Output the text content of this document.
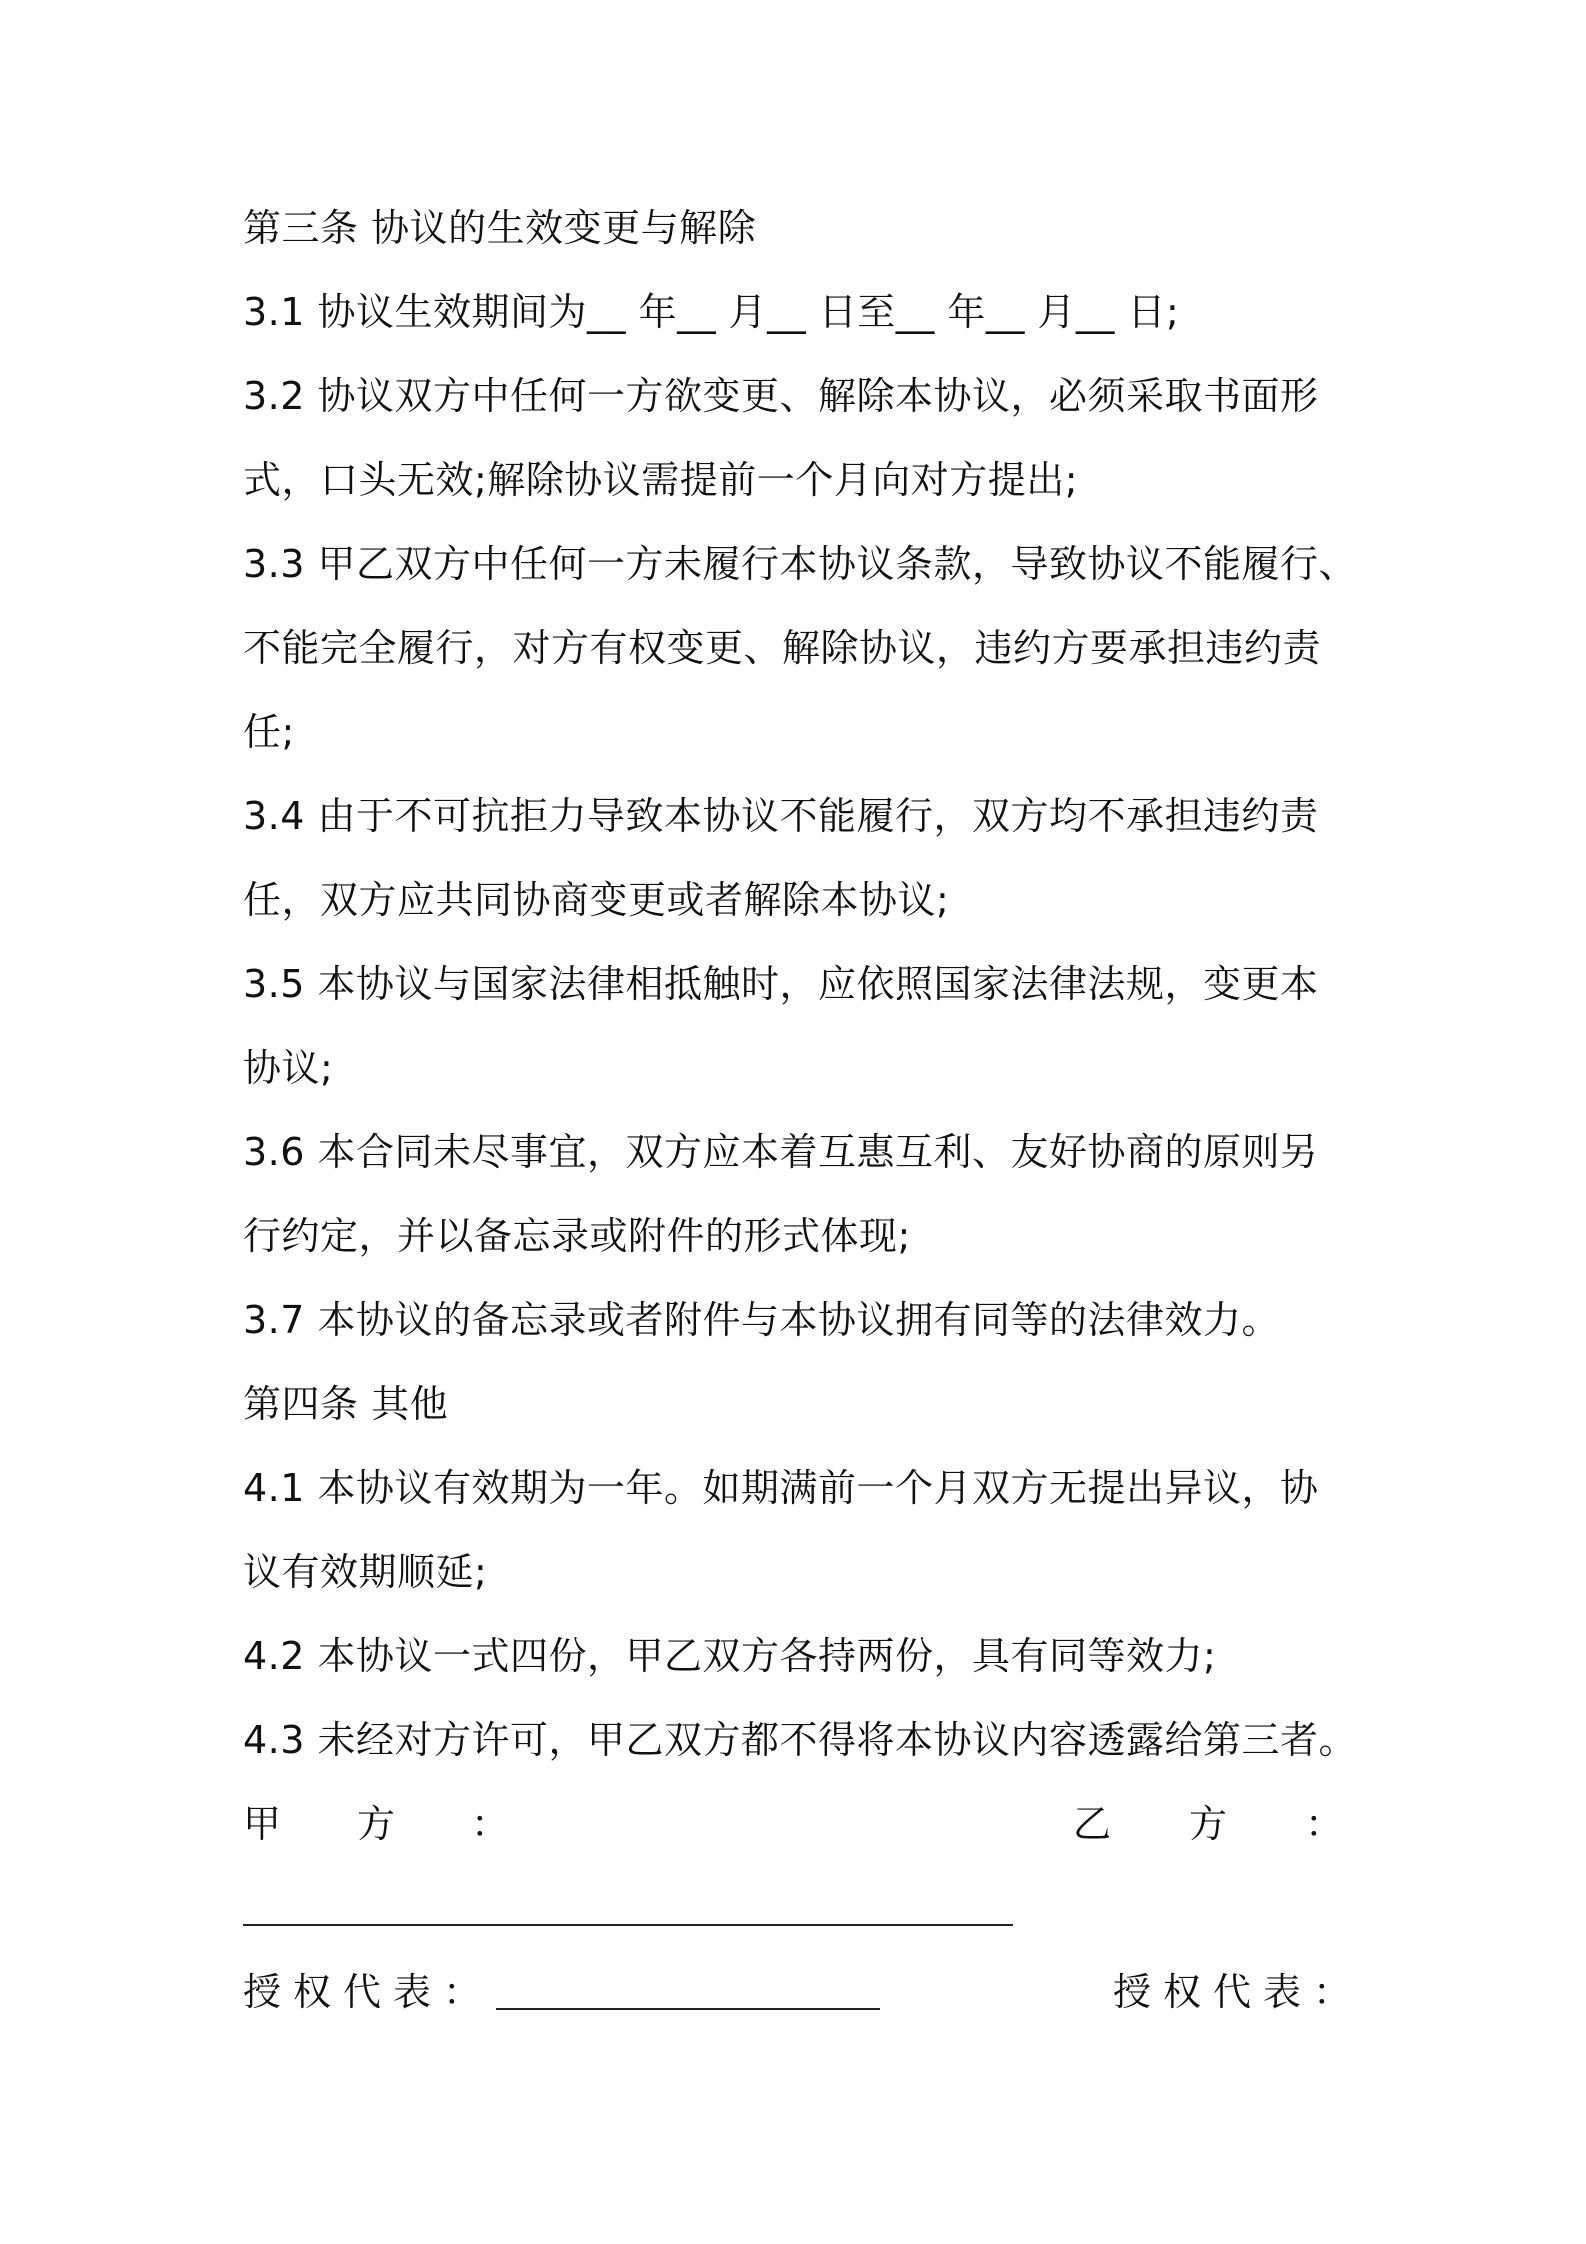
第三条 协议的生效变更与解除
3.1 协议生效期间为__ 年__ 月__ 日至__ 年__ 月__ 日;
3.2 协议双方中任何一方欲变更、解除本协议，必须采取书面形
式，口头无效;解除协议需提前一个月向对方提出;
3.3 甲乙双方中任何一方未履行本协议条款，导致协议不能履行、
不能完全履行，对方有权变更、解除协议，违约方要承担违约责
任;
3.4 由于不可抗拒力导致本协议不能履行，双方均不承担违约责
任，双方应共同协商变更或者解除本协议;
3.5 本协议与国家法律相抵触时，应依照国家法律法规，变更本
协议;
3.6 本合同未尽事宜，双方应本着互惠互利、友好协商的原则另
行约定，并以备忘录或附件的形式体现;
3.7 本协议的备忘录或者附件与本协议拥有同等的法律效力。
第四条 其他
4.1 本协议有效期为一年。如期满前一个月双方无提出异议，协
议有效期顺延;
4.2 本协议一式四份，甲乙双方各持两份，具有同等效力;
4.3 未经对方许可，甲乙双方都不得将本协议内容透露给第三者。
甲方：	乙方：
授权代表：	授权代表：
